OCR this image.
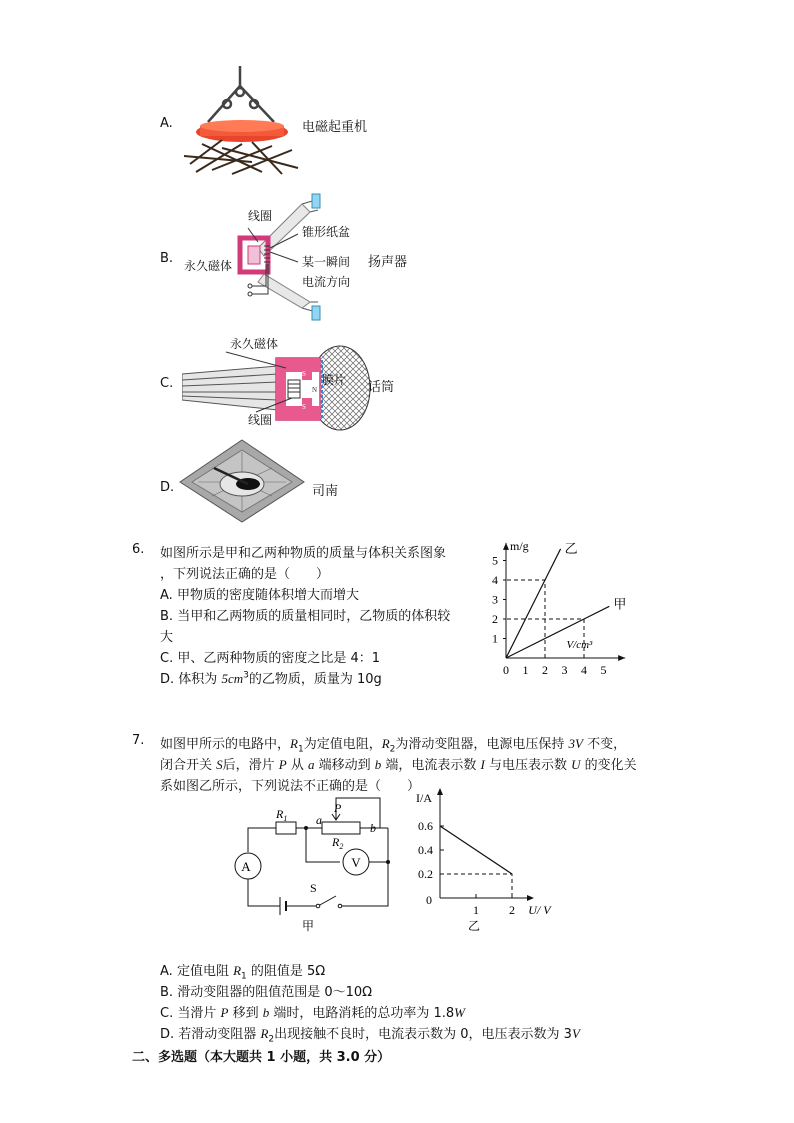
A.	电磁起重机
B.
线圈
锥形纸盆
永久磁体	某一瞬间
电流方向
扬声器
C.
S
S
N
永久磁体
膜片
线圈
话筒
D.	司南
6. 如图所示是甲和乙两种物质的质量与体积关系图象
，下列说法正确的是（　　）
A. 甲物质的密度随体积增大而增大
B. 当甲和乙两物质的质量相同时，乙物质的体积较
大
C. 甲、乙两种物质的密度之比是 4：1
D. 体积为 $5cm^3$的乙物质，质量为 10g
0 1 2 3 4 5
1
2
3
4
5
m/g
V/cm³
乙
甲
7. 如图甲所示的电路中，$R_1$为定值电阻，$R_2$为滑动变阻器，电源电压保持 3V 不变，
闭合开关 S后，滑片 P 从 a 端移动到 b 端，电流表示数 I 与电压表示数 U 的变化关
系如图乙所示，下列说法不正确的是（　　）
A	V
$R_1$
$R_2$
a
b
P
S
甲
I/A
U/ V
0.6
0.4
0.2
0
1	2
乙
A. 定值电阻 $R_1$ 的阻值是 5Ω
B. 滑动变阻器的阻值范围是 0～10Ω
C. 当滑片 P 移到 b 端时，电路消耗的总功率为 1.8W
D. 若滑动变阻器 $R_2$出现接触不良时，电流表示数为 0，电压表示数为 3V
二、多选题（本大题共 1 小题，共 3.0 分）
